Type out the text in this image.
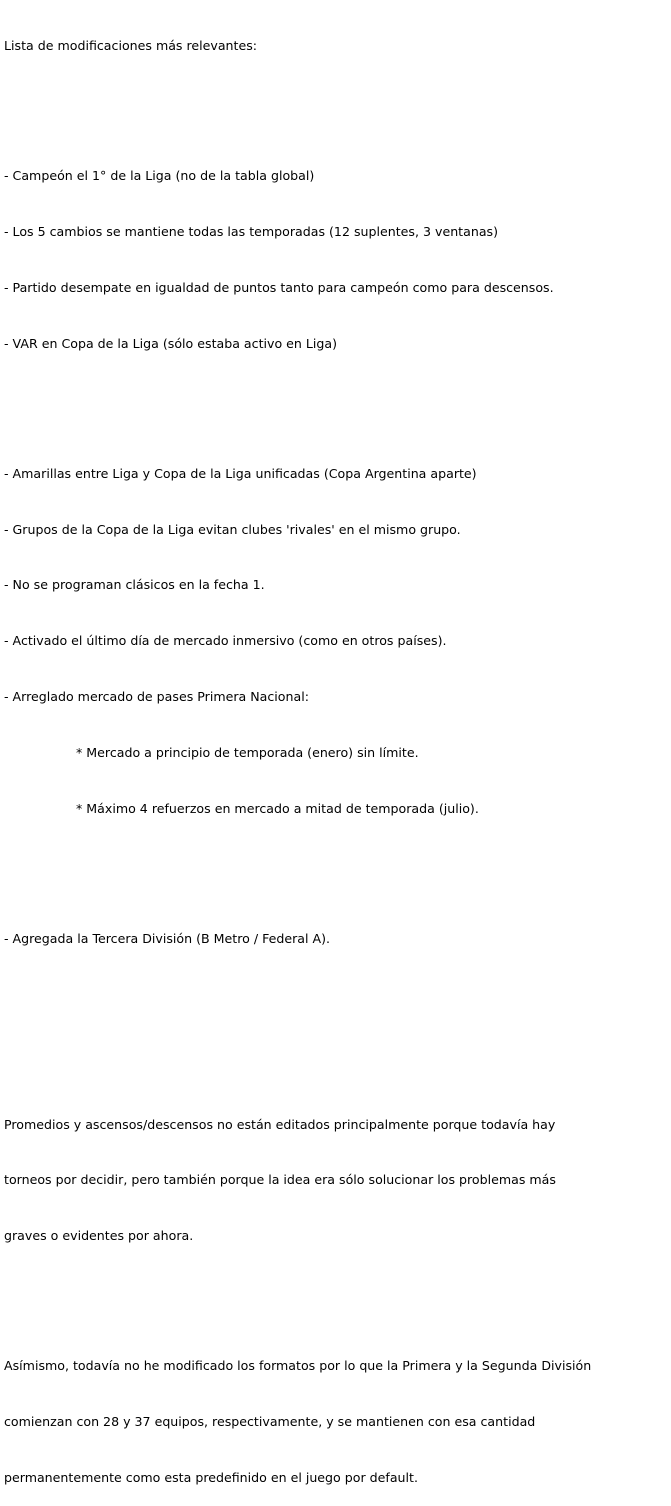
Lista de modificaciones más relevantes:

- Campeón el 1° de la Liga (no de la tabla global)

- Los 5 cambios se mantiene todas las temporadas (12 suplentes, 3 ventanas)

- Partido desempate en igualdad de puntos tanto para campeón como para descensos.

- VAR en Copa de la Liga (sólo estaba activo en Liga)

- Amarillas entre Liga y Copa de la Liga unificadas (Copa Argentina aparte)

- Grupos de la Copa de la Liga evitan clubes 'rivales' en el mismo grupo.

- No se programan clásicos en la fecha 1.

- Activado el último día de mercado inmersivo (como en otros países).

- Arreglado mercado de pases Primera Nacional:

* Mercado a principio de temporada (enero) sin límite.

* Máximo 4 refuerzos en mercado a mitad de temporada (julio).

- Agregada la Tercera División (B Metro / Federal A).

Promedios y ascensos/descensos no están editados principalmente porque todavía hay

torneos por decidir, pero también porque la idea era sólo solucionar los problemas más

graves o evidentes por ahora.

Asímismo, todavía no he modificado los formatos por lo que la Primera y la Segunda División

comienzan con 28 y 37 equipos, respectivamente, y se mantienen con esa cantidad

permanentemente como esta predefinido en el juego por default.
